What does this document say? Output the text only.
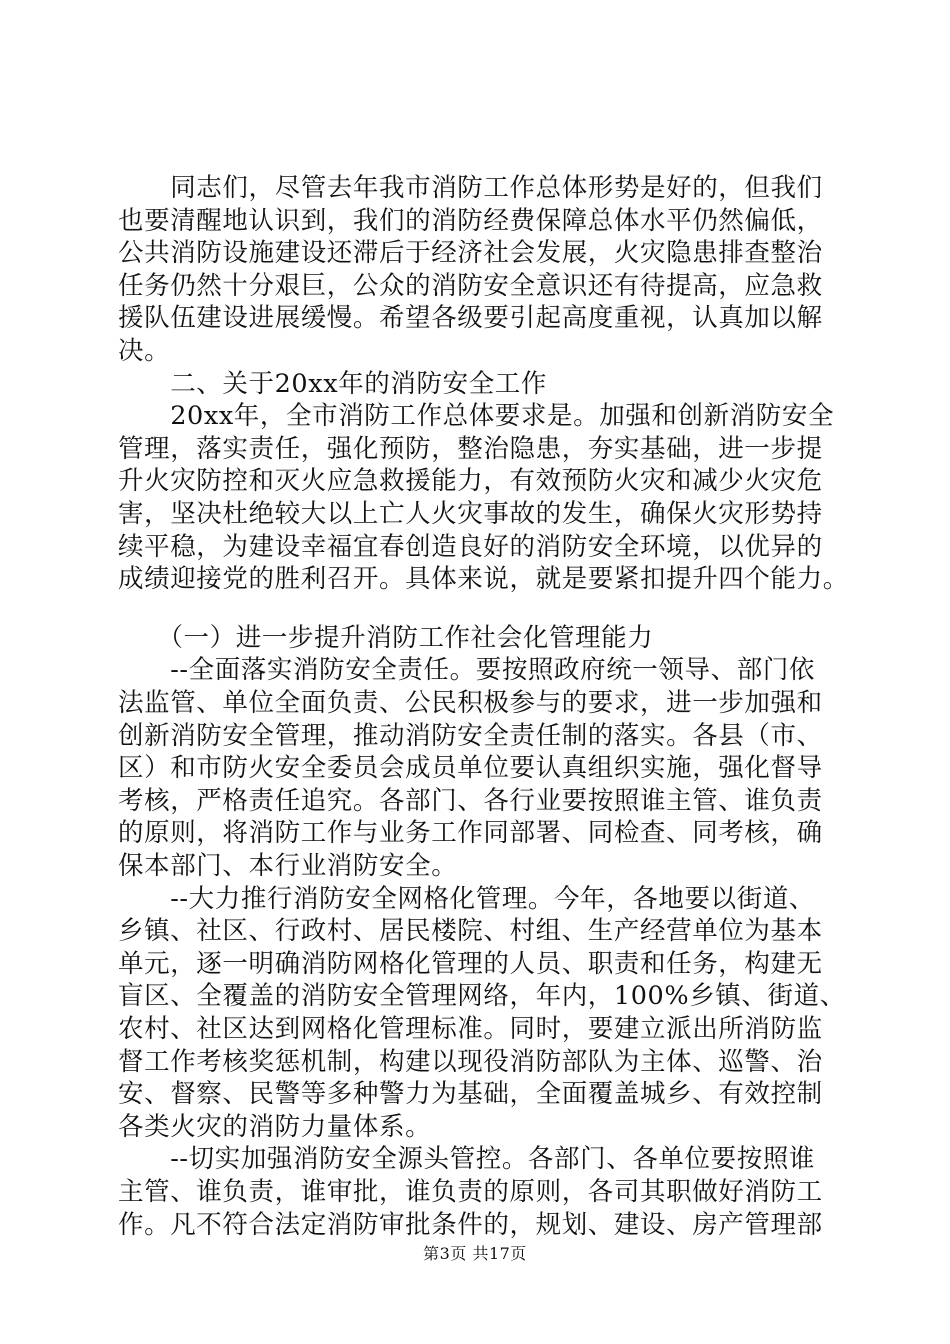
　　同志们，尽管去年我市消防工作总体形势是好的，但我们
也要清醒地认识到，我们的消防经费保障总体水平仍然偏低，
公共消防设施建设还滞后于经济社会发展，火灾隐患排查整治
任务仍然十分艰巨，公众的消防安全意识还有待提高，应急救
援队伍建设进展缓慢。希望各级要引起高度重视，认真加以解
决。
　　二、关于20xx年的消防安全工作
　　20xx年，全市消防工作总体要求是。加强和创新消防安全
管理，落实责任，强化预防，整治隐患，夯实基础，进一步提
升火灾防控和灭火应急救援能力，有效预防火灾和减少火灾危
害，坚决杜绝较大以上亡人火灾事故的发生，确保火灾形势持
续平稳，为建设幸福宜春创造良好的消防安全环境，以优异的
成绩迎接党的胜利召开。具体来说，就是要紧扣提升四个能力。
　　（一）进一步提升消防工作社会化管理能力
　　--全面落实消防安全责任。要按照政府统一领导、部门依
法监管、单位全面负责、公民积极参与的要求，进一步加强和
创新消防安全管理，推动消防安全责任制的落实。各县（市、
区）和市防火安全委员会成员单位要认真组织实施，强化督导
考核，严格责任追究。各部门、各行业要按照谁主管、谁负责
的原则，将消防工作与业务工作同部署、同检查、同考核，确
保本部门、本行业消防安全。
　　--大力推行消防安全网格化管理。今年，各地要以街道、
乡镇、社区、行政村、居民楼院、村组、生产经营单位为基本
单元，逐一明确消防网格化管理的人员、职责和任务，构建无
盲区、全覆盖的消防安全管理网络，年内，100%乡镇、街道、
农村、社区达到网格化管理标准。同时，要建立派出所消防监
督工作考核奖惩机制，构建以现役消防部队为主体、巡警、治
安、督察、民警等多种警力为基础，全面覆盖城乡、有效控制
各类火灾的消防力量体系。
　　--切实加强消防安全源头管控。各部门、各单位要按照谁
主管、谁负责，谁审批，谁负责的原则，各司其职做好消防工
作。凡不符合法定消防审批条件的，规划、建设、房产管理部
第3页 共17页
